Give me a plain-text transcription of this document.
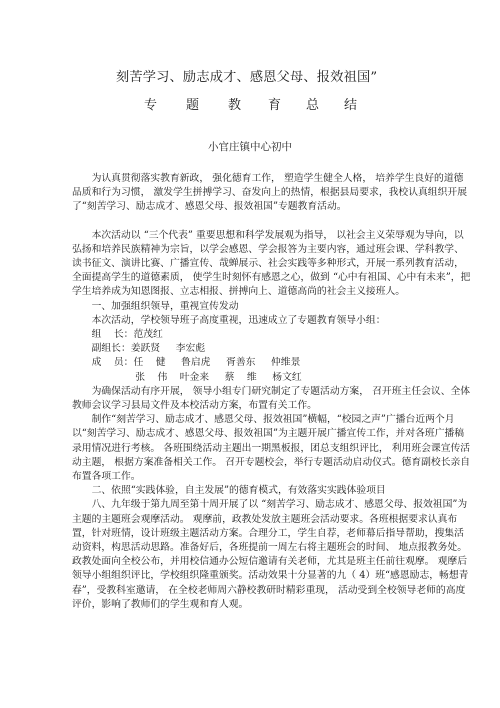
刻苦学习、励志成才、感恩父母、报效祖国”
专 题 教 育 总 结
小官庄镇中心初中

为认真贯彻落实教育新政， 强化德育工作， 塑造学生健全人格， 培养学生良好的道德品质和行为习惯， 激发学生拼搏学习、奋发向上的热情，根据县局要求，我校认真组织开展了“刻苦学习、励志成才、感恩父母、报效祖国”专题教育活动。

本次活动以 “三个代表” 重要思想和科学发展观为指导， 以社会主义荣辱观为导向，以弘扬和培养民族精神为宗旨，以学会感恩、学会报答为主要内容，通过班会课、学科教学、读书征文、演讲比赛、广播宣传、哉蝉展示、社会实践等多种形式，开展一系列教育活动， 全面提高学生的道德素质， 使学生时刻怀有感恩之心，做到 “心中有祖国、心中有未来”，把学生培养成为知恩图报、立志相报、拼搏向上、道德高尚的社会主义接班人。

一、加强组织领导，重视宣传发动

本次活动，学校领导班子高度重视，迅速成立了专题教育领导小组：

组    长：范茂红

副组长：姜跃贤     李宏彪

成    员：任    健     鲁启虎     胥善东     仲维景

张    伟    叶金来     蔡    维     杨文红

为确保活动有序开展， 领导小组专门研究制定了专题活动方案， 召开班主任会议、全体教师会议学习县局文件及本校活动方案，布置有关工作。

制作“刻苦学习、励志成才、感恩父母、报效祖国”横幅，“校园之声”广播台近两个月以“刻苦学习、励志成才、感恩父母、报效祖国”为主题开展广播宣传工作，并对各班广播稿录用情况进行考核。 各班围绕活动主题出一期黑板报，团总支组织评比， 利用班会课宣传活动主题， 根据方案准备相关工作。 召开专题校会，举行专题活动启动仪式。德育副校长亲自布置各项工作。

二、依照“实践体验，自主发展”的德育模式，有效落实实践体验项目

八、九年级于第九周至第十周开展了以 “刻苦学习、励志成才、感恩父母、报效祖国”为主题的主题班会观摩活动。 观摩前，政教处发放主题班会活动要求。各班根据要求认真布置，针对班情，设计班级主题活动方案。合理分工，学生自荐，老师幕后指导帮助，搜集活动资料，构思活动思路。准备好后，各班提前一周左右将主题班会的时间、 地点报教务处。 政教处面向全校公布，并用校信通办公短信邀请有关老师，尤其是班主任前往观摩。 观摩后领导小组组织评比，学校组织隆重颁奖。活动效果十分显著的九（ 4）班“感恩励志，畅想青春”，受教科室邀请， 在全校老师周六静校教研时精彩重现， 活动受到全校领导老师的高度评价，影响了教师们的学生观和育人观。
